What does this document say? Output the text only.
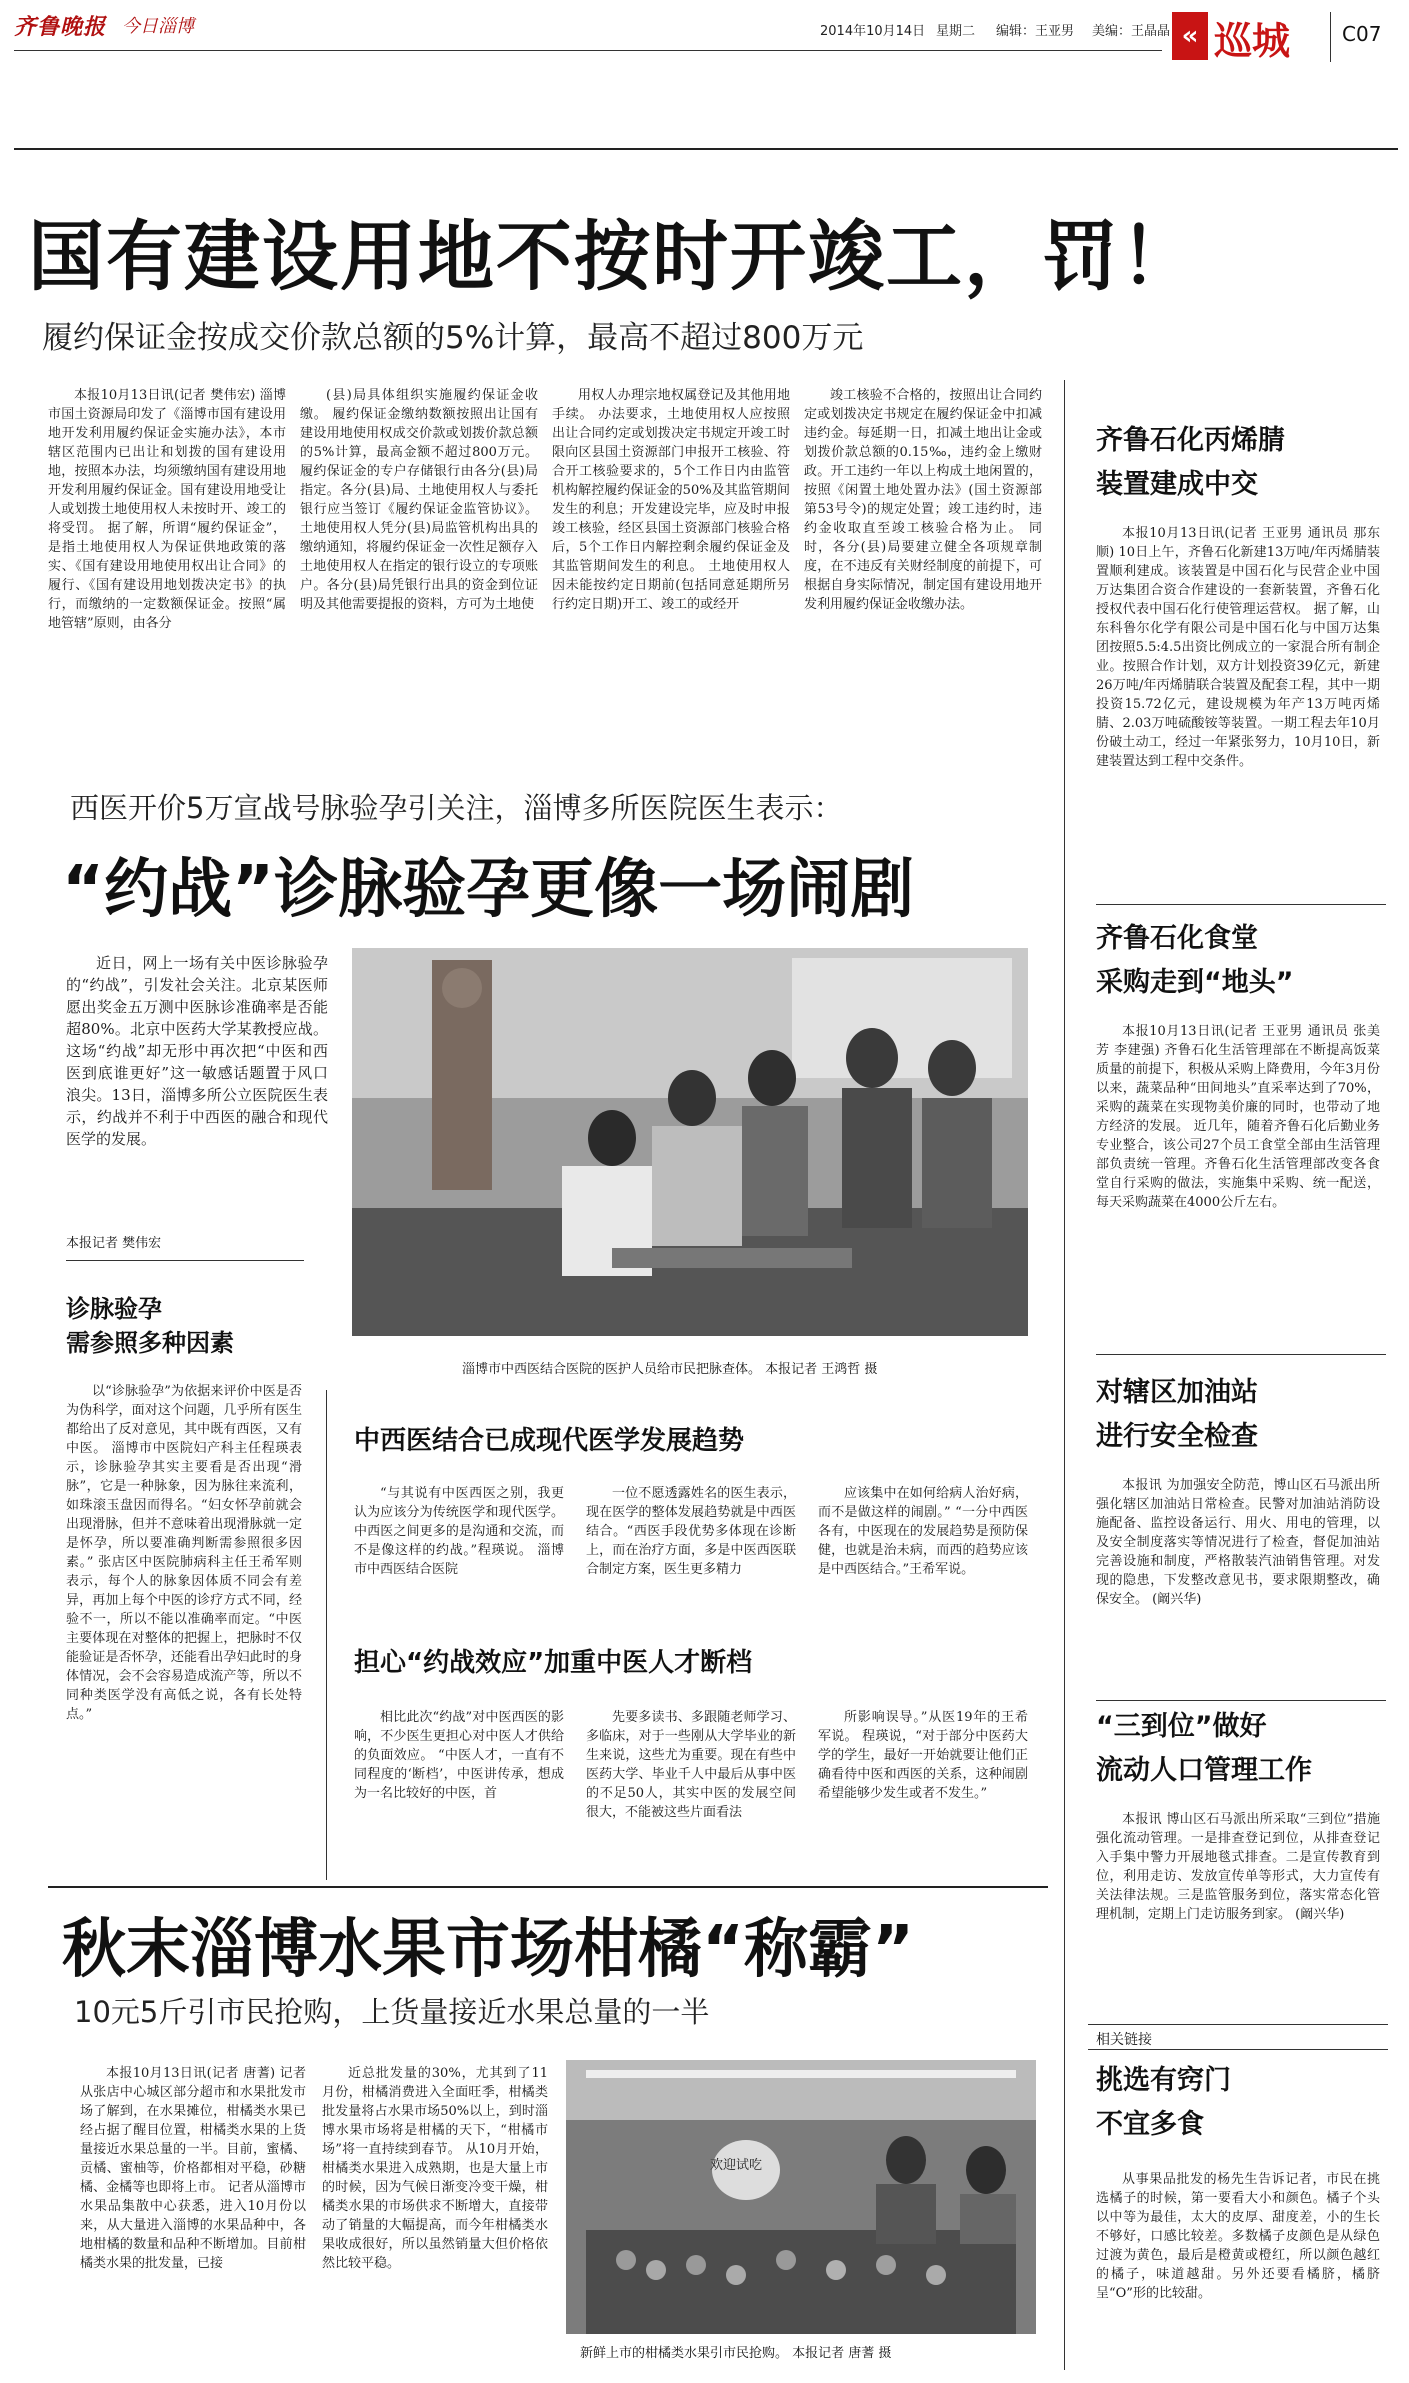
齐鲁晚报 今日淄博	2014年10月14日 星期二 编辑：王亚男 美编：王晶晶 « 巡城	C07
国有建设用地不按时开竣工，罚！
履约保证金按成交价款总额的5%计算，最高不超过800万元

本报10月13日讯(记者 樊伟宏) 淄博市国土资源局印发了《淄博市国有建设用地开发利用履约保证金实施办法》，本市辖区范围内已出让和划拨的国有建设用地，按照本办法，均须缴纳国有建设用地开发利用履约保证金。国有建设用地受让人或划拨土地使用权人未按时开、竣工的将受罚。 据了解，所谓“履约保证金”，是指土地使用权人为保证供地政策的落实、《国有建设用地使用权出让合同》的履行、《国有建设用地划拨决定书》的执行，而缴纳的一定数额保证金。按照“属地管辖”原则，由各分

(县)局具体组织实施履约保证金收缴。 履约保证金缴纳数额按照出让国有建设用地使用权成交价款或划拨价款总额的5%计算，最高金额不超过800万元。 履约保证金的专户存储银行由各分(县)局指定。各分(县)局、土地使用权人与委托银行应当签订《履约保证金监管协议》。土地使用权人凭分(县)局监管机构出具的缴纳通知，将履约保证金一次性足额存入土地使用权人在指定的银行设立的专项账户。各分(县)局凭银行出具的资金到位证明及其他需要提报的资料，方可为土地使

用权人办理宗地权属登记及其他用地手续。 办法要求，土地使用权人应按照出让合同约定或划拨决定书规定开竣工时限向区县国土资源部门申报开工核验、符合开工核验要求的，5个工作日内由监管机构解控履约保证金的50%及其监管期间发生的利息；开发建设完毕，应及时申报竣工核验，经区县国土资源部门核验合格后，5个工作日内解控剩余履约保证金及其监管期间发生的利息。 土地使用权人因未能按约定日期前(包括同意延期所另行约定日期)开工、竣工的或经开

竣工核验不合格的，按照出让合同约定或划拨决定书规定在履约保证金中扣减违约金。每延期一日，扣减土地出让金或划拨价款总额的0.15‰，违约金上缴财政。开工违约一年以上构成土地闲置的，按照《闲置土地处置办法》(国土资源部第53号令)的规定处置；竣工违约时，违约金收取直至竣工核验合格为止。 同时，各分(县)局要建立健全各项规章制度，在不违反有关财经制度的前提下，可根据自身实际情况，制定国有建设用地开发利用履约保证金收缴办法。

西医开价5万宣战号脉验孕引关注，淄博多所医院医生表示：
“约战”诊脉验孕更像一场闹剧

近日，网上一场有关中医诊脉验孕的“约战”，引发社会关注。北京某医师愿出奖金五万测中医脉诊准确率是否能超80%。北京中医药大学某教授应战。这场“约战”却无形中再次把“中医和西医到底谁更好”这一敏感话题置于风口浪尖。13日，淄博多所公立医院医生表示，约战并不利于中西医的融合和现代医学的发展。

本报记者 樊伟宏
淄博市中西医结合医院的医护人员给市民把脉查体。 本报记者 王鸿哲 摄
诊脉验孕
需参照多种因素

以“诊脉验孕”为依据来评价中医是否为伪科学，面对这个问题，几乎所有医生都给出了反对意见，其中既有西医，又有中医。 淄博市中医院妇产科主任程瑛表示，诊脉验孕其实主要看是否出现“滑脉”，它是一种脉象，因为脉往来流利，如珠滚玉盘因而得名。“妇女怀孕前就会出现滑脉，但并不意味着出现滑脉就一定是怀孕，所以要准确判断需参照很多因素。” 张店区中医院肺病科主任王希军则表示，每个人的脉象因体质不同会有差异，再加上每个中医的诊疗方式不同，经验不一，所以不能以准确率而定。“中医主要体现在对整体的把握上，把脉时不仅能验证是否怀孕，还能看出孕妇此时的身体情况，会不会容易造成流产等，所以不同种类医学没有高低之说，各有长处特点。”

中西医结合已成现代医学发展趋势

“与其说有中医西医之别，我更认为应该分为传统医学和现代医学。中西医之间更多的是沟通和交流，而不是像这样的约战。”程瑛说。 淄博市中西医结合医院

一位不愿透露姓名的医生表示，现在医学的整体发展趋势就是中西医结合。“西医手段优势多体现在诊断上，而在治疗方面，多是中医西医联合制定方案，医生更多精力

应该集中在如何给病人治好病，而不是做这样的闹剧。” “一分中西医各有，中医现在的发展趋势是预防保健，也就是治未病，而西的趋势应该是中西医结合。”王希军说。

担心“约战效应”加重中医人才断档

相比此次“约战”对中医西医的影响，不少医生更担心对中医人才供给的负面效应。 “中医人才，一直有不同程度的‘断档’，中医讲传承，想成为一名比较好的中医，首

先要多读书、多跟随老师学习、多临床，对于一些刚从大学毕业的新生来说，这些尤为重要。现在有些中医药大学、毕业千人中最后从事中医的不足50人，其实中医的发展空间很大，不能被这些片面看法

所影响误导。”从医19年的王希军说。 程瑛说，“对于部分中医药大学的学生，最好一开始就要让他们正确看待中医和西医的关系，这种闹剧希望能够少发生或者不发生。”

秋末淄博水果市场柑橘“称霸”
10元5斤引市民抢购，上货量接近水果总量的一半

本报10月13日讯(记者 唐蓍) 记者从张店中心城区部分超市和水果批发市场了解到，在水果摊位，柑橘类水果已经占据了醒目位置，柑橘类水果的上货量接近水果总量的一半。目前，蜜橘、贡橘、蜜柚等，价格都相对平稳，砂糖橘、金橘等也即将上市。 记者从淄博市水果品集散中心获悉，进入10月份以来，从大量进入淄博的水果品种中，各地柑橘的数量和品种不断增加。目前柑橘类水果的批发量，已接

近总批发量的30%，尤其到了11月份，柑橘消费进入全面旺季，柑橘类批发量将占水果市场50%以上，到时淄博水果市场将是柑橘的天下，“柑橘市场”将一直持续到春节。 从10月开始，柑橘类水果进入成熟期，也是大量上市的时候，因为气候日渐变冷变干燥，柑橘类水果的市场供求不断增大，直接带动了销量的大幅提高，而今年柑橘类水果收成很好，所以虽然销量大但价格依然比较平稳。

欢迎试吃
新鲜上市的柑橘类水果引市民抢购。 本报记者 唐蓍 摄
齐鲁石化丙烯腈
装置建成中交

本报10月13日讯(记者 王亚男 通讯员 那东顺) 10日上午，齐鲁石化新建13万吨/年丙烯腈装置顺利建成。该装置是中国石化与民营企业中国万达集团合资合作建设的一套新装置，齐鲁石化授权代表中国石化行使管理运营权。 据了解，山东科鲁尔化学有限公司是中国石化与中国万达集团按照5.5:4.5出资比例成立的一家混合所有制企业。按照合作计划，双方计划投资39亿元，新建26万吨/年丙烯腈联合装置及配套工程，其中一期投资15.72亿元，建设规模为年产13万吨丙烯腈、2.03万吨硫酸铵等装置。一期工程去年10月份破土动工，经过一年紧张努力，10月10日，新建装置达到工程中交条件。

齐鲁石化食堂
采购走到“地头”

本报10月13日讯(记者 王亚男 通讯员 张美芳 李建强) 齐鲁石化生活管理部在不断提高饭菜质量的前提下，积极从采购上降费用，今年3月份以来，蔬菜品种“田间地头”直采率达到了70%，采购的蔬菜在实现物美价廉的同时，也带动了地方经济的发展。 近几年，随着齐鲁石化后勤业务专业整合，该公司27个员工食堂全部由生活管理部负责统一管理。齐鲁石化生活管理部改变各食堂自行采购的做法，实施集中采购、统一配送，每天采购蔬菜在4000公斤左右。

对辖区加油站
进行安全检查

本报讯 为加强安全防范，博山区石马派出所强化辖区加油站日常检查。民警对加油站消防设施配备、监控设备运行、用火、用电的管理，以及安全制度落实等情况进行了检查，督促加油站完善设施和制度，严格散装汽油销售管理。对发现的隐患，下发整改意见书，要求限期整改，确保安全。 (阚兴华)

“三到位”做好
流动人口管理工作

本报讯 博山区石马派出所采取“三到位”措施强化流动管理。一是排查登记到位，从排查登记入手集中警力开展地毯式排查。二是宣传教育到位，利用走访、发放宣传单等形式，大力宣传有关法律法规。三是监管服务到位，落实常态化管理机制，定期上门走访服务到家。 (阚兴华)

相关链接
挑选有窍门
不宜多食

从事果品批发的杨先生告诉记者，市民在挑选橘子的时候，第一要看大小和颜色。橘子个头以中等为最佳，太大的皮厚、甜度差，小的生长不够好，口感比较差。多数橘子皮颜色是从绿色过渡为黄色，最后是橙黄或橙红，所以颜色越红的橘子，味道越甜。另外还要看橘脐，橘脐呈“O”形的比较甜。
